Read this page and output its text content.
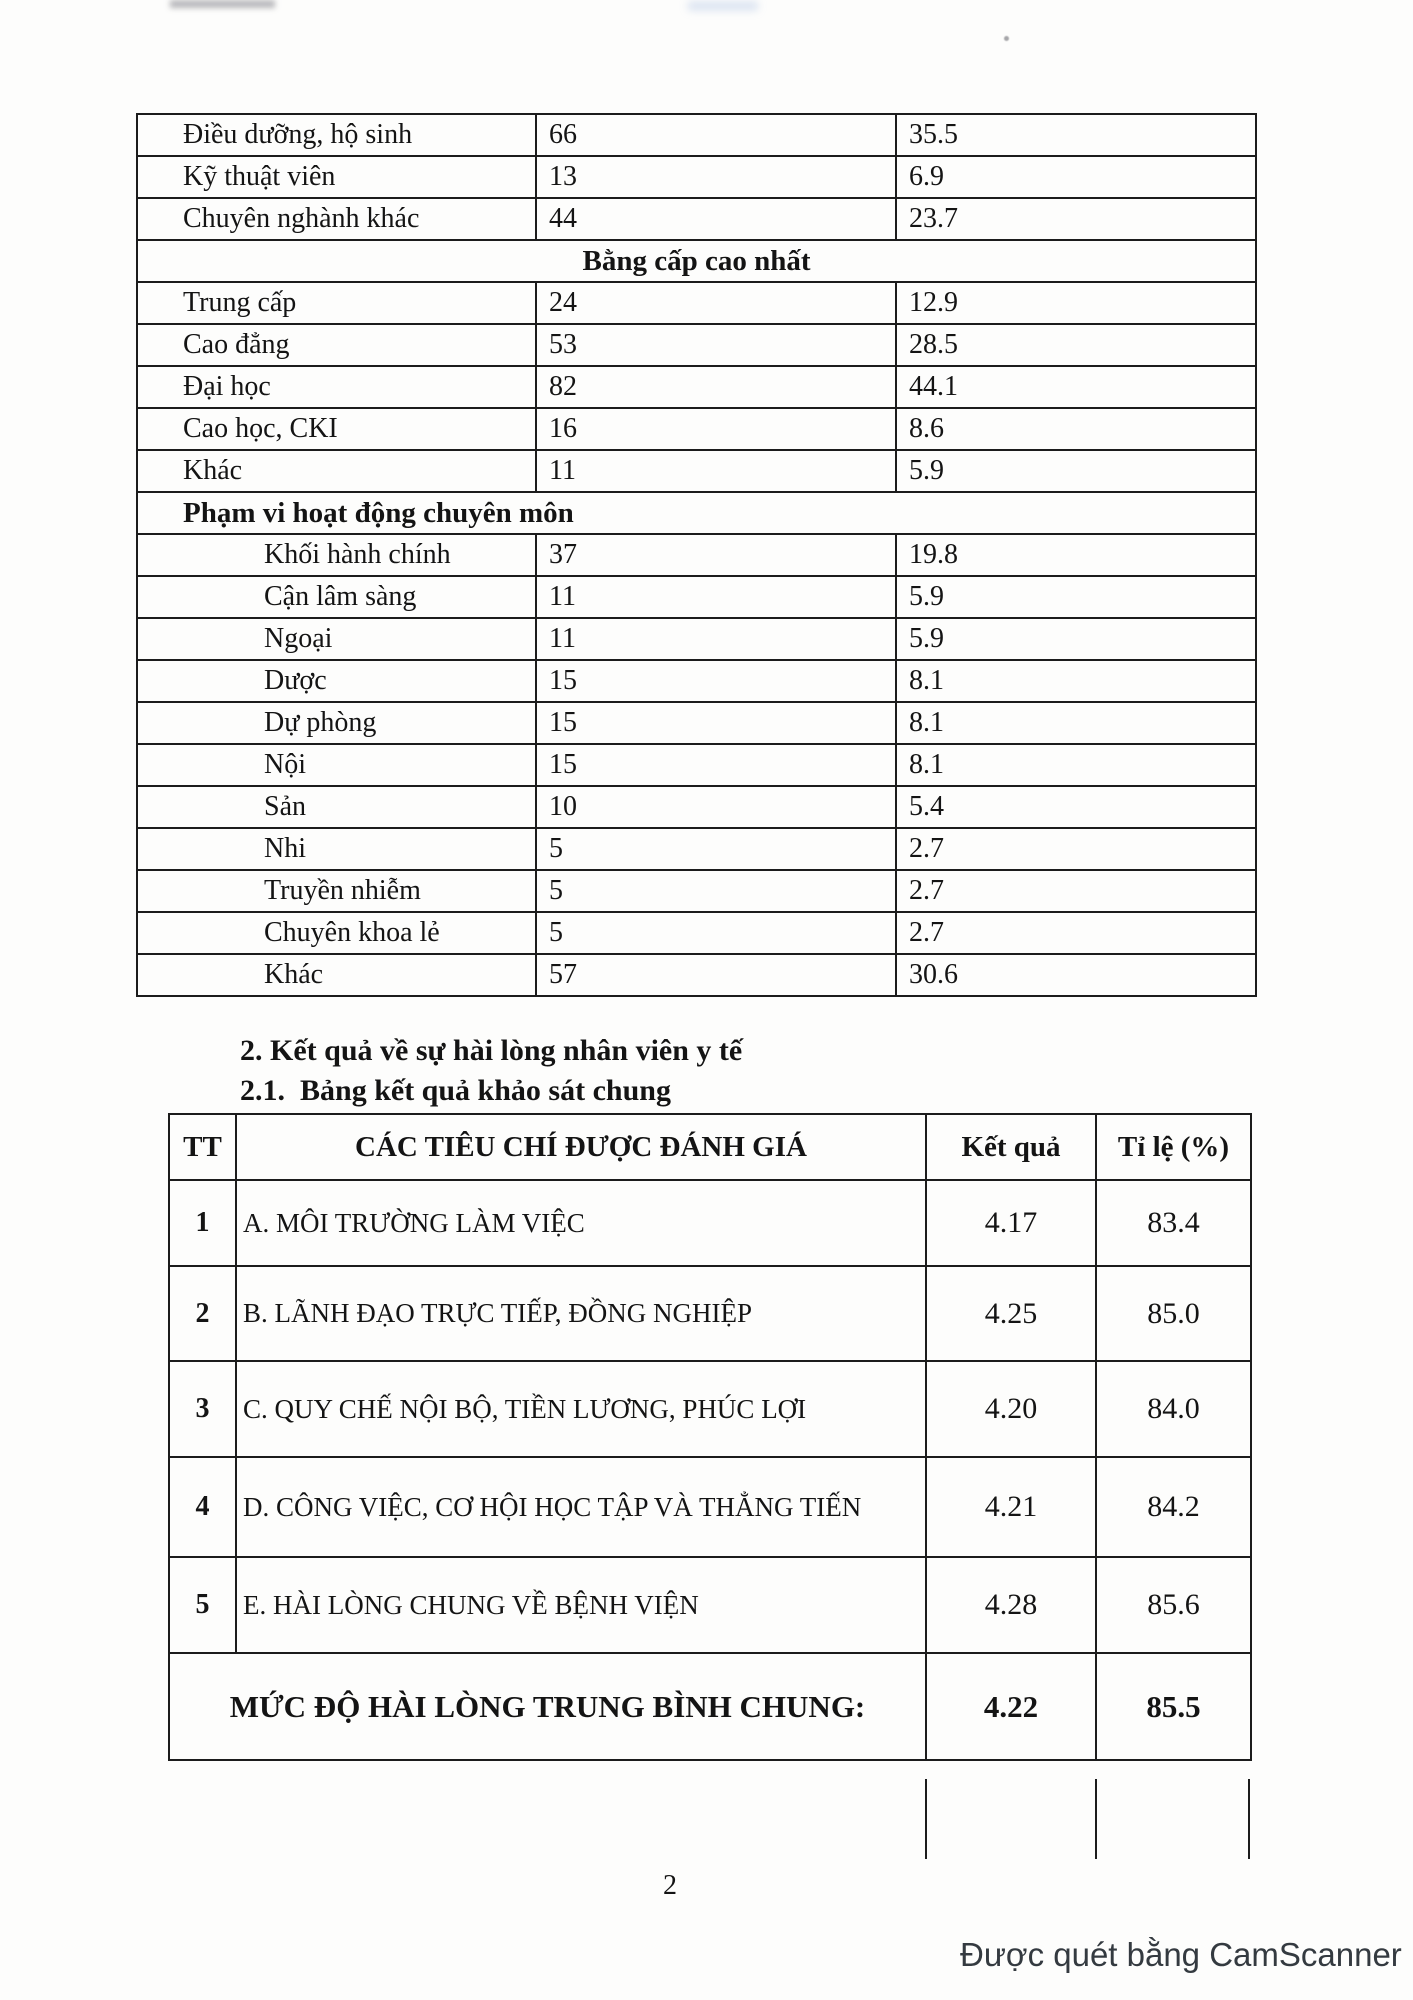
Điều dưỡng, hộ sinh	66	35.5
Kỹ thuật viên	13	6.9
Chuyên nghành khác	44	23.7
Bằng cấp cao nhất		
Trung cấp	24	12.9
Cao đẳng	53	28.5
Đại học	82	44.1
Cao học, CKI	16	8.6
Khác	11	5.9
Phạm vi hoạt động chuyên môn		
Khối hành chính	37	19.8
Cận lâm sàng	11	5.9
Ngoại	11	5.9
Dược	15	8.1
Dự phòng	15	8.1
Nội	15	8.1
Sản	10	5.4
Nhi	5	2.7
Truyền nhiễm	5	2.7
Chuyên khoa lẻ	5	2.7
Khác	57	30.6
2. Kết quả về sự hài lòng nhân viên y tế
2.1.  Bảng kết quả khảo sát chung
TT	CÁC TIÊU CHÍ ĐƯỢC ĐÁNH GIÁ	Kết quả	Tỉ lệ (%)
1	A. MÔI TRƯỜNG LÀM VIỆC	4.17	83.4
2	B. LÃNH ĐẠO TRỰC TIẾP, ĐỒNG NGHIỆP	4.25	85.0
3	C. QUY CHẾ NỘI BỘ, TIỀN LƯƠNG, PHÚC LỢI	4.20	84.0
4	D. CÔNG VIỆC, CƠ HỘI HỌC TẬP VÀ THẲNG TIẾN	4.21	84.2
5	E. HÀI LÒNG CHUNG VỀ BỆNH VIỆN	4.28	85.6
MỨC ĐỘ HÀI LÒNG TRUNG BÌNH CHUNG:		4.22	85.5
2
Được quét bằng CamScanner
